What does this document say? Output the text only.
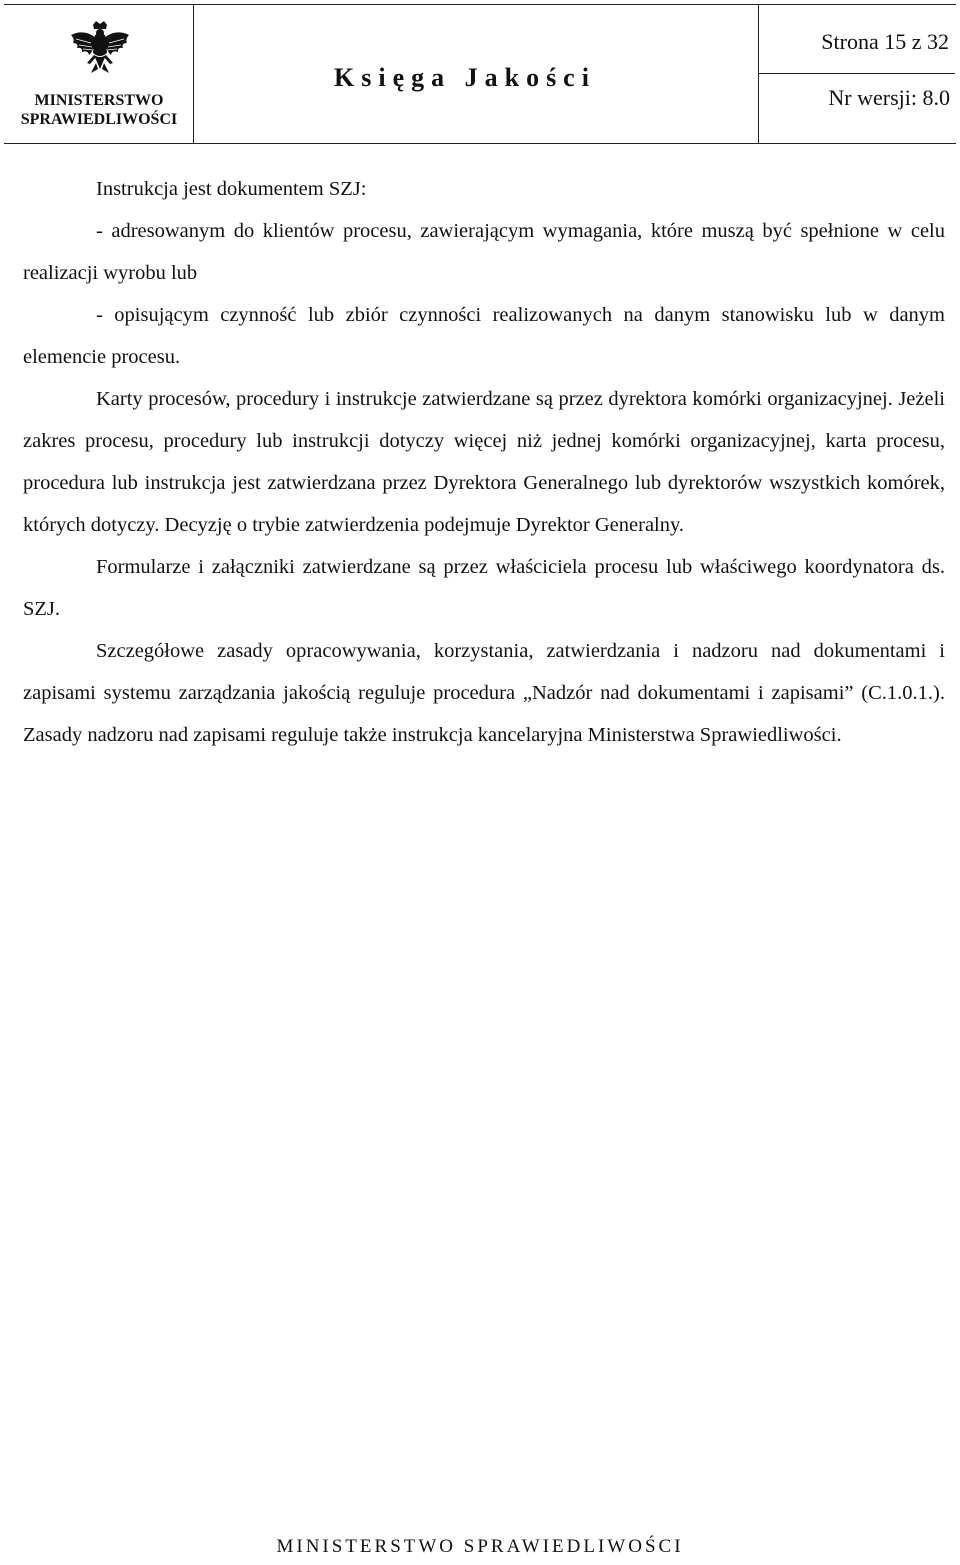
MINISTERSTWO
SPRAWIEDLIWOŚCI
Księga Jakości
Strona 15 z 32
Nr wersji: 8.0

Instrukcja jest dokumentem SZJ:

- adresowanym do klientów procesu, zawierającym wymagania, które muszą być spełnione w celu realizacji wyrobu lub

- opisującym czynność lub zbiór czynności realizowanych na danym stanowisku lub w danym elemencie procesu.

Karty procesów, procedury i instrukcje zatwierdzane są przez dyrektora komórki organizacyjnej. Jeżeli zakres procesu, procedury lub instrukcji dotyczy więcej niż jednej komórki organizacyjnej, karta procesu, procedura lub instrukcja jest zatwierdzana przez Dyrektora Generalnego lub dyrektorów wszystkich komórek, których dotyczy. Decyzję o trybie zatwierdzenia podejmuje Dyrektor Generalny.

Formularze i załączniki zatwierdzane są przez właściciela procesu lub właściwego koordynatora ds. SZJ.

Szczegółowe zasady opracowywania, korzystania, zatwierdzania i nadzoru nad dokumentami i zapisami systemu zarządzania jakością reguluje procedura „Nadzór nad dokumentami i zapisami” (C.1.0.1.). Zasady nadzoru nad zapisami reguluje także instrukcja kancelaryjna Ministerstwa Sprawiedliwości.

MINISTERSTWO SPRAWIEDLIWOŚCI
